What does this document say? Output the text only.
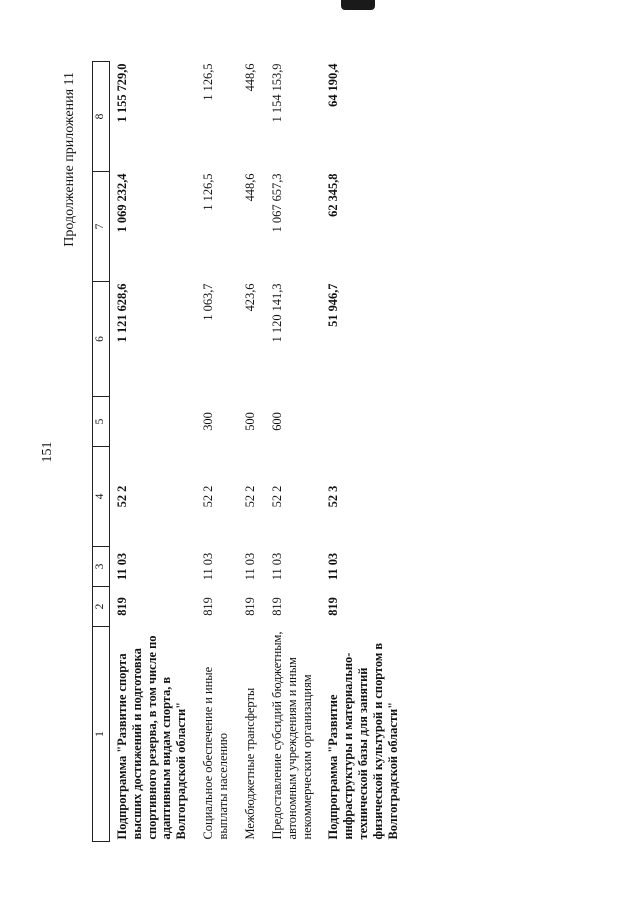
151
Продолжение приложения 11
1	2	3	4	5	6	7	8
Подпрограмма "Развитие спорта высших достижений и подготовка спортивного резерва, в том числе по адаптивным видам спорта, в Волгоградской области"	819	11 03	52 2		1 121 628,6	1 069 232,4	1 155 729,0
Социальное обеспечение и иные выплаты населению	819	11 03	52 2	300	1 063,7	1 126,5	1 126,5
Межбюджетные трансферты	819	11 03	52 2	500	423,6	448,6	448,6
Предоставление субсидий бюджетным, автономным учреждениям и иным некоммерческим организациям	819	11 03	52 2	600	1 120 141,3	1 067 657,3	1 154 153,9
Подпрограмма "Развитие инфраструктуры и материально-технической базы для занятий физической культурой и спортом в Волгоградской области"	819	11 03	52 3		51 946,7	62 345,8	64 190,4
